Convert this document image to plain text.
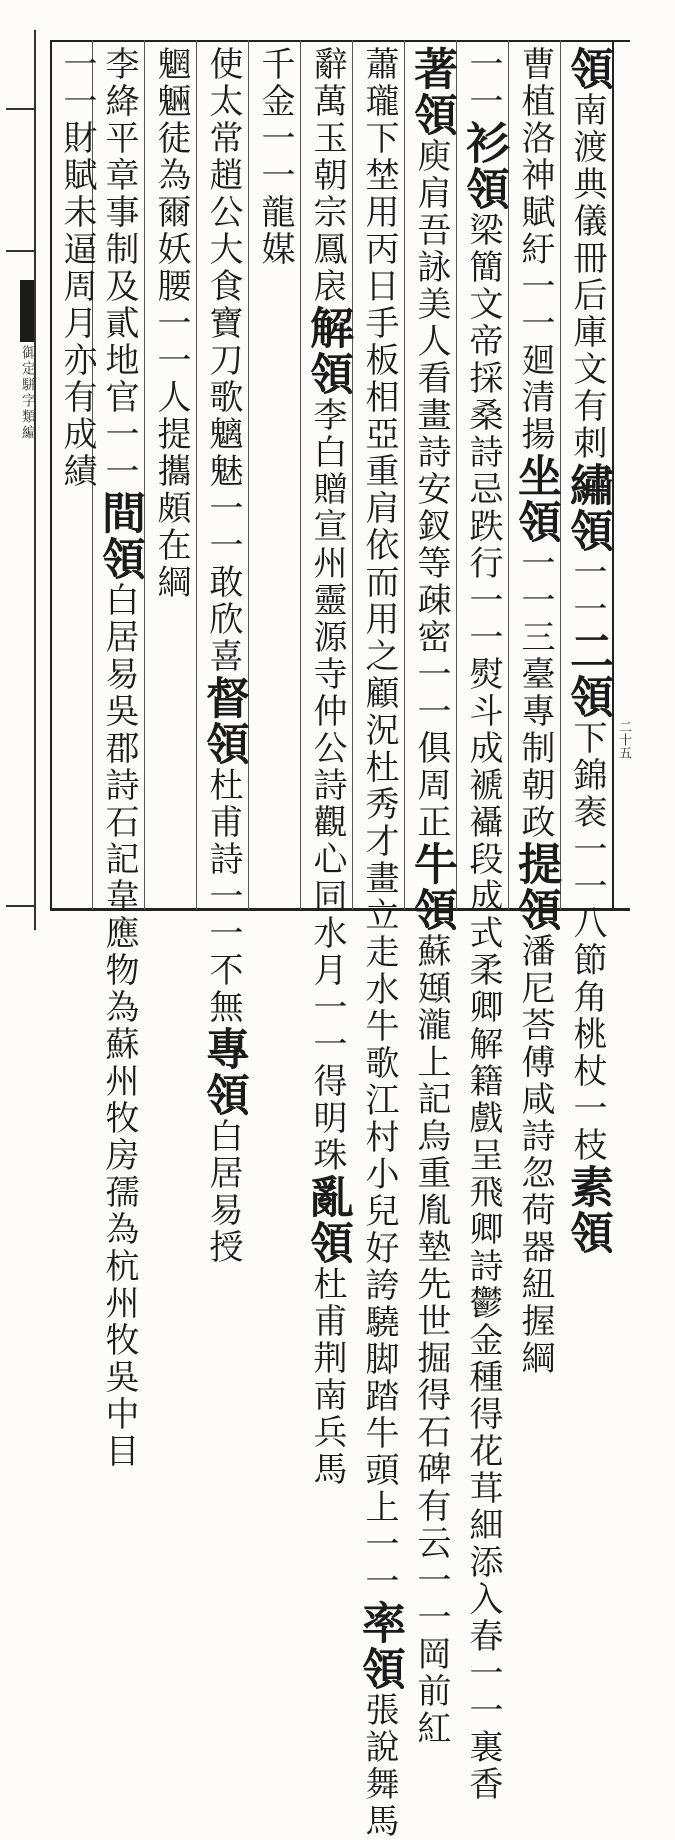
御定駢字類編
領南渡典儀冊后庫文有刺繡領一一二領下錦袠一一八節角桃杖一枝素領
曹植洛神賦紆一一廻清揚坐領一一三臺專制朝政提領潘尼荅傅咸詩忽荷器紐握綱
一一衫領梁簡文帝採桑詩忌跌行一一熨斗成褫襵段成式柔卿解籍戲呈飛卿詩鬱金種得花茸細添入春一一裏香
著領庾肩吾詠美人看畫詩安釵等疎密一一俱周正牛領蘇頲瀧上記烏重胤墊先世掘得石碑有云一一岡前紅
蕭瓏下埜用丙日手板相亞重肩依而用之顧況杜秀才畫立走水牛歌江村小兒好誇驍脚踏牛頭上一一率領張說舞馬
辭萬玉朝宗鳳扆解領李白贈宣州靈源寺仲公詩觀心同水月一一得明珠亂領杜甫荆南兵馬
千金一一龍媒
使太常趙公大食寶刀歌魑魅一一敢欣喜督領杜甫詩一一不無專領白居易授
魍魎徒為爾妖腰一一人提攜頗在綱
李絳平章事制及貳地官一一間領白居易吳郡詩石記韋應物為蘇州牧房孺為杭州牧吳中目
一一財賦未逼周月亦有成績
二十五
